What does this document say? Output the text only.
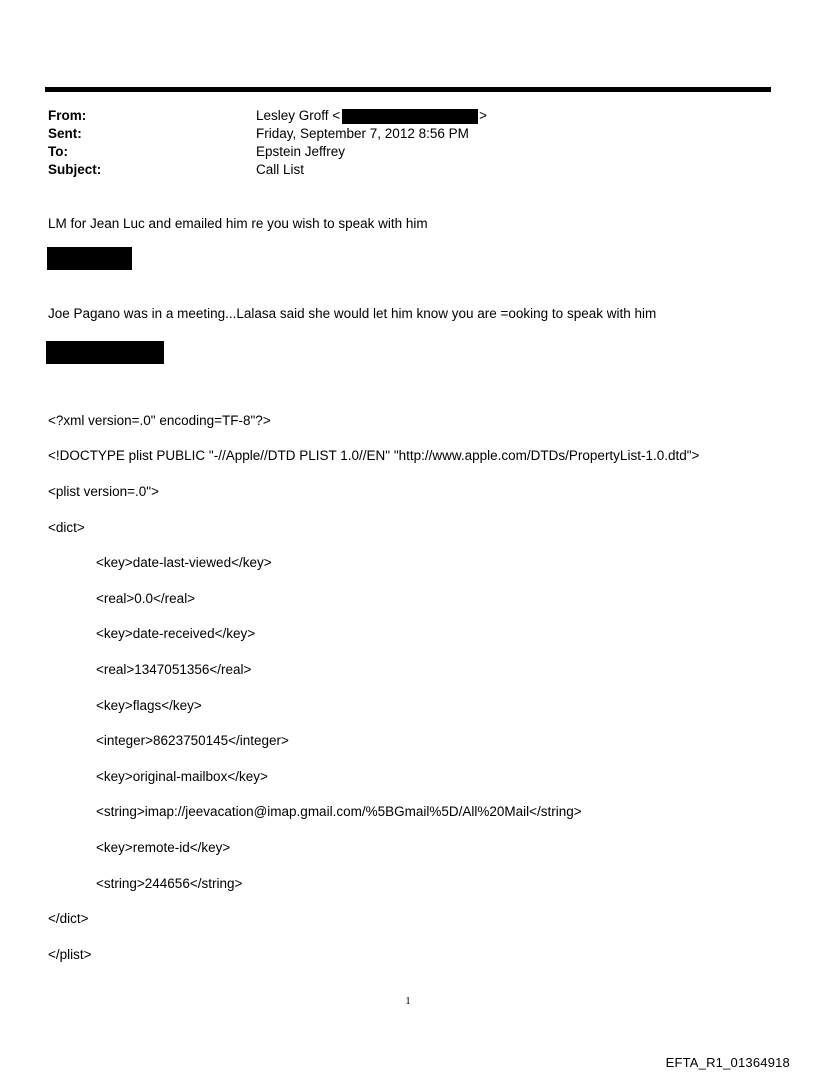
From:	Lesley Groff <	>
Sent:	Friday, September 7, 2012 8:56 PM
To:	Epstein Jeffrey
Subject:	Call List
LM for Jean Luc and emailed him re you wish to speak with him
Joe Pagano was in a meeting...Lalasa said she would let him know you are =ooking to speak with him

<?xml version=.0" encoding=TF-8"?>

<!DOCTYPE plist PUBLIC "-//Apple//DTD PLIST 1.0//EN" "http://www.apple.com/DTDs/PropertyList-1.0.dtd">

<plist version=.0">

<dict>

<key>date-last-viewed</key>

<real>0.0</real>

<key>date-received</key>

<real>1347051356</real>

<key>flags</key>

<integer>8623750145</integer>

<key>original-mailbox</key>

<string>imap://jeevacation@imap.gmail.com/%5BGmail%5D/All%20Mail</string>

<key>remote-id</key>

<string>244656</string>

</dict>

</plist>

1
EFTA_R1_01364918
